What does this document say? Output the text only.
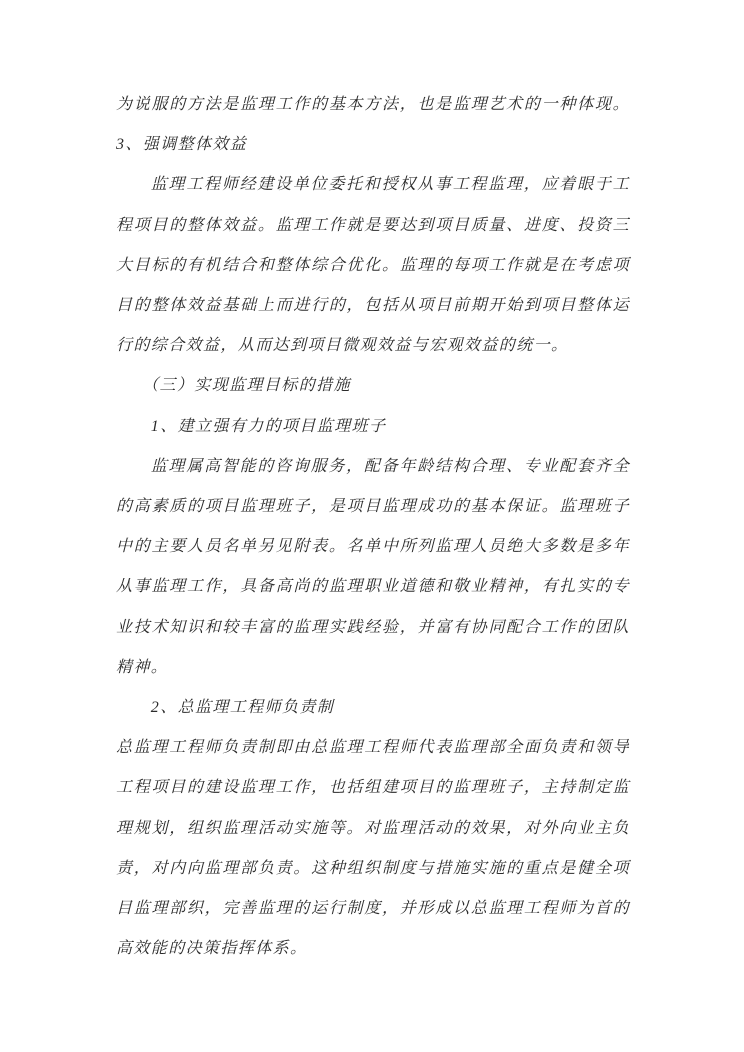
为说服的方法是监理工作的基本方法，也是监理艺术的一种体现。
3、强调整体效益
监理工程师经建设单位委托和授权从事工程监理，应着眼于工
程项目的整体效益。监理工作就是要达到项目质量、进度、投资三
大目标的有机结合和整体综合优化。监理的每项工作就是在考虑项
目的整体效益基础上而进行的，包括从项目前期开始到项目整体运
行的综合效益，从而达到项目微观效益与宏观效益的统一。
（三）实现监理目标的措施
1、建立强有力的项目监理班子
监理属高智能的咨询服务，配备年龄结构合理、专业配套齐全
的高素质的项目监理班子，是项目监理成功的基本保证。监理班子
中的主要人员名单另见附表。名单中所列监理人员绝大多数是多年
从事监理工作，具备高尚的监理职业道德和敬业精神，有扎实的专
业技术知识和较丰富的监理实践经验，并富有协同配合工作的团队
精神。
2、总监理工程师负责制
总监理工程师负责制即由总监理工程师代表监理部全面负责和领导
工程项目的建设监理工作，也括组建项目的监理班子，主持制定监
理规划，组织监理活动实施等。对监理活动的效果，对外向业主负
责，对内向监理部负责。这种组织制度与措施实施的重点是健全项
目监理部织，完善监理的运行制度，并形成以总监理工程师为首的
高效能的决策指挥体系。
